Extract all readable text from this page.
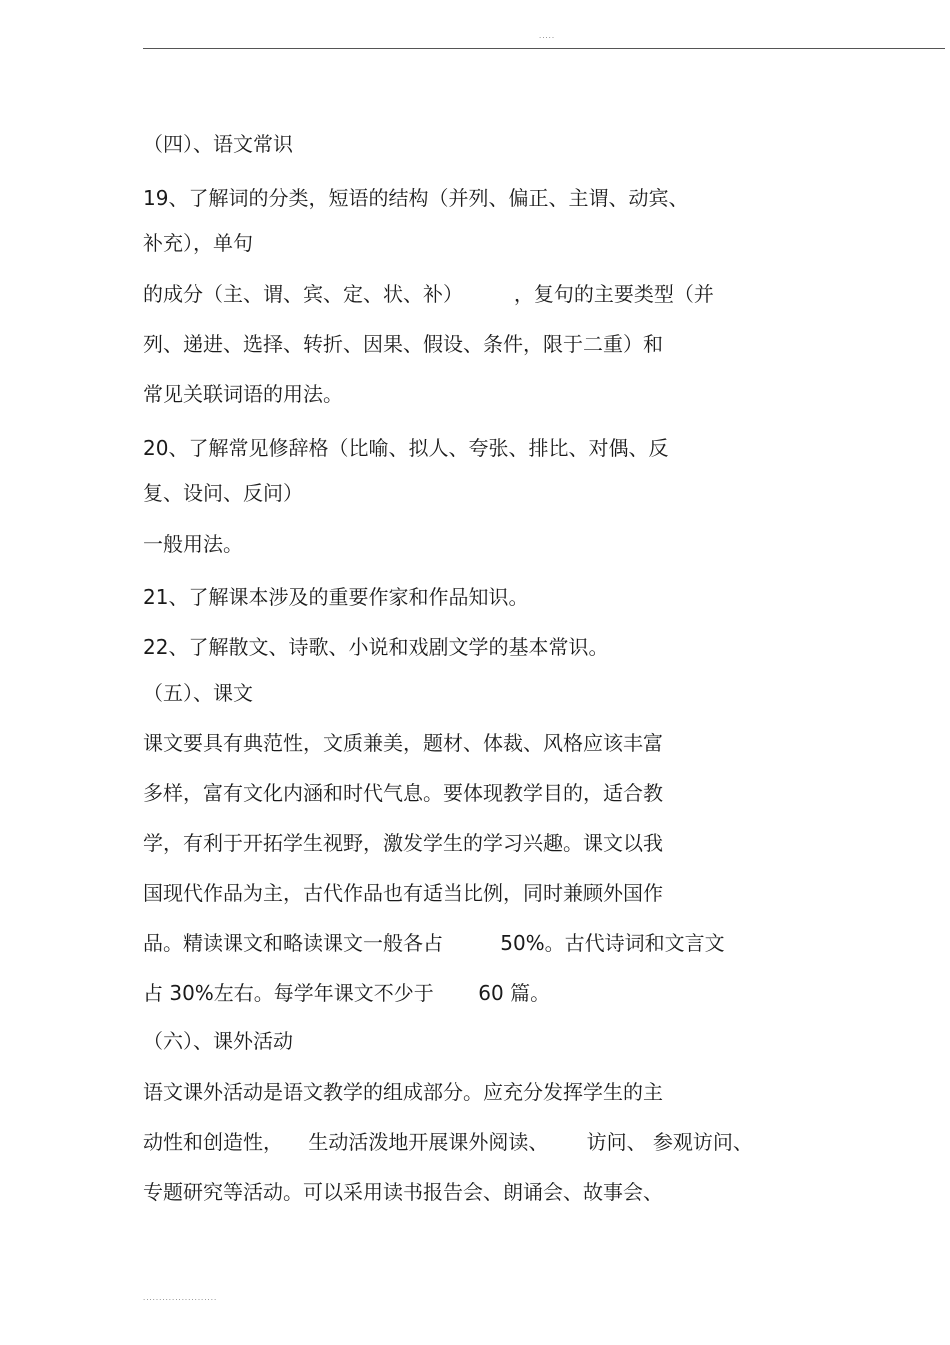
.....
（四）、语文常识
19、了解词的分类，短语的结构（并列、偏正、主谓、动宾、
补充），单句
的成分（主、谓、宾、定、状、补）        ，复句的主要类型（并
列、递进、选择、转折、因果、假设、条件，限于二重）和
常见关联词语的用法。
20、了解常见修辞格（比喻、拟人、夸张、排比、对偶、反
复、设问、反问）
一般用法。
21、了解课本涉及的重要作家和作品知识。
22、了解散文、诗歌、小说和戏剧文学的基本常识。
（五）、课文
课文要具有典范性，文质兼美，题材、体裁、风格应该丰富
多样，富有文化内涵和时代气息。要体现教学目的，适合教
学，有利于开拓学生视野，激发学生的学习兴趣。课文以我
国现代作品为主，古代作品也有适当比例，同时兼顾外国作
品。精读课文和略读课文一般各占         50%。古代诗词和文言文
占 30%左右。每学年课文不少于       60 篇。
（六）、课外活动
语文课外活动是语文教学的组成部分。应充分发挥学生的主
动性和创造性，    生动活泼地开展课外阅读、      访问、 参观访问、
专题研究等活动。可以采用读书报告会、朗诵会、故事会、
.......................
